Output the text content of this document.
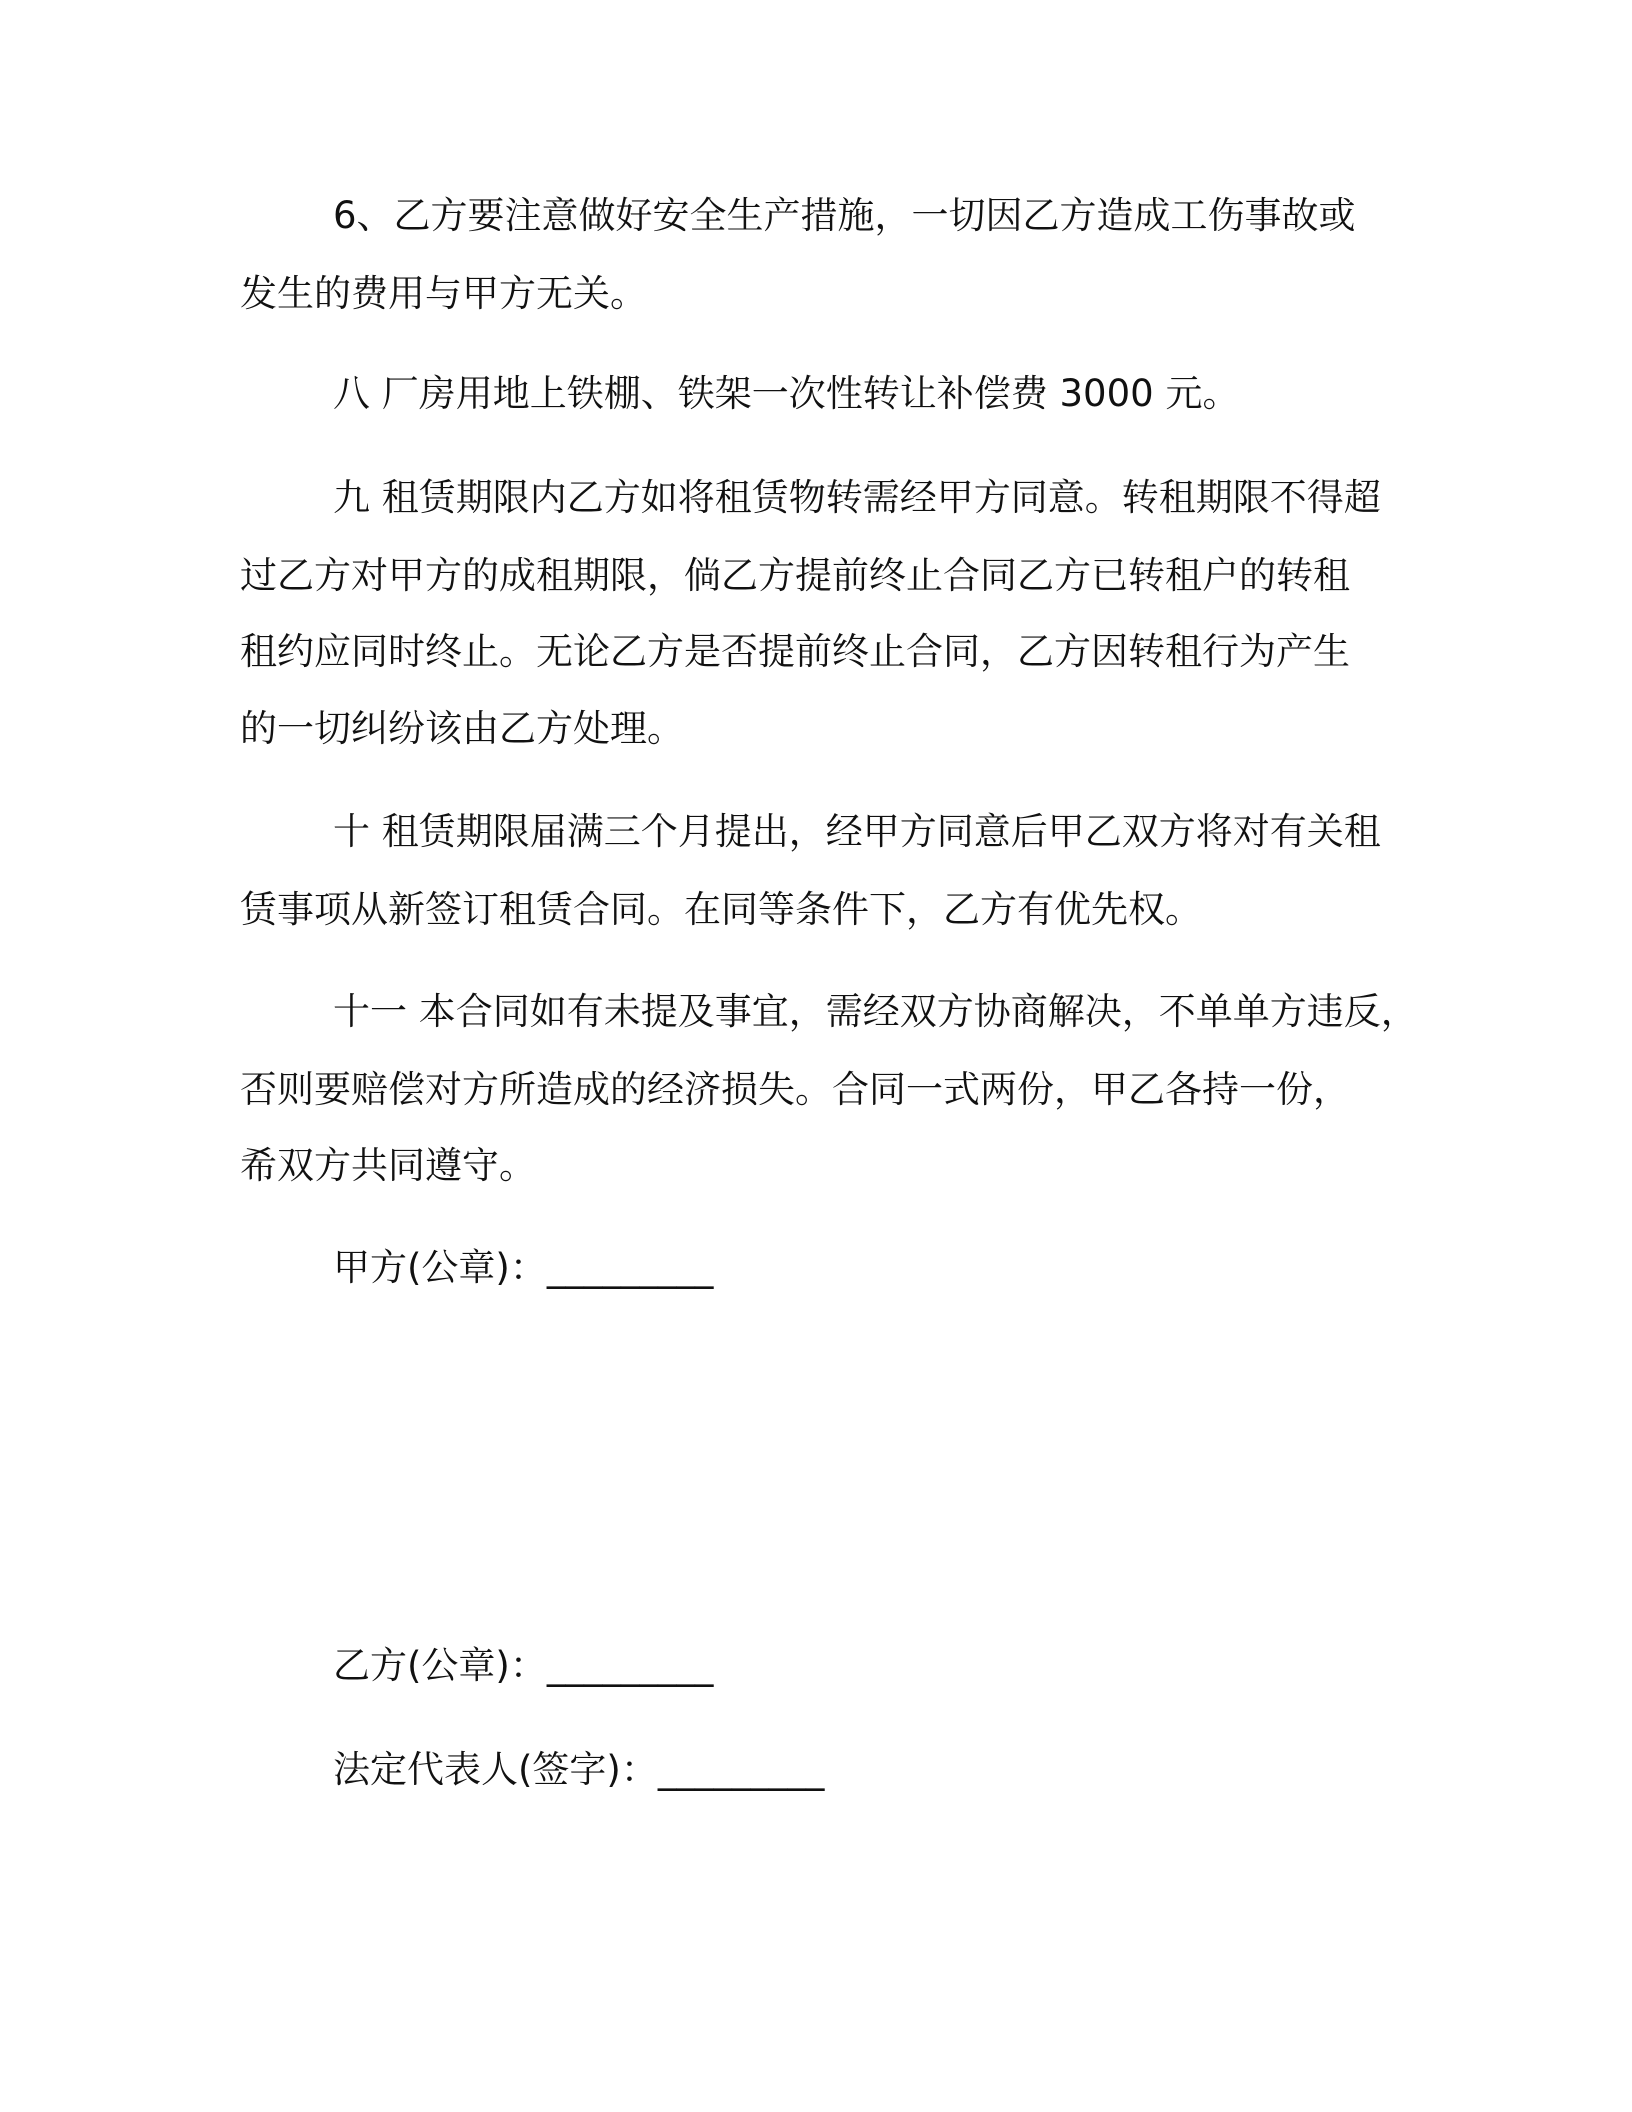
6、乙方要注意做好安全生产措施，一切因乙方造成工伤事故或
发生的费用与甲方无关。
八 厂房用地上铁棚、铁架一次性转让补偿费 3000 元。
九 租赁期限内乙方如将租赁物转需经甲方同意。转租期限不得超
过乙方对甲方的成租期限，倘乙方提前终止合同乙方已转租户的转租
租约应同时终止。无论乙方是否提前终止合同，乙方因转租行为产生
的一切纠纷该由乙方处理。
十 租赁期限届满三个月提出，经甲方同意后甲乙双方将对有关租
赁事项从新签订租赁合同。在同等条件下，乙方有优先权。
十一 本合同如有未提及事宜，需经双方协商解决，不单单方违反，
否则要赔偿对方所造成的经济损失。合同一式两份，甲乙各持一份，
希双方共同遵守。
甲方(公章)：_________
乙方(公章)：_________
法定代表人(签字)：_________
